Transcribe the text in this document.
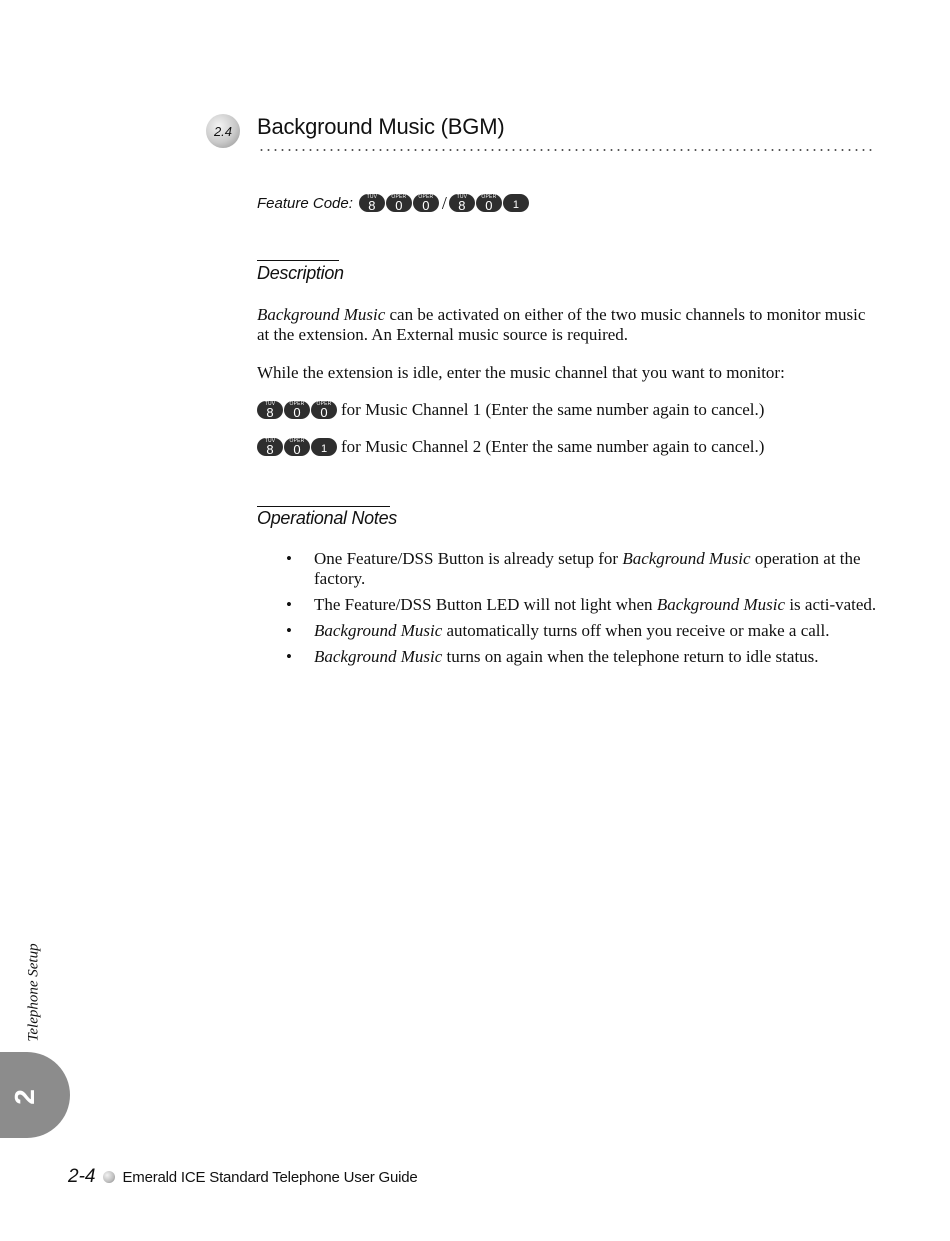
2.4 Background Music (BGM)
Feature Code:	TUV
8
OPER
0
OPER
0 /	TUV
8
OPER
0	1
Description
Background Music can be activated on either of the two music channels to monitor music at the extension. An External music source is required.
While the extension is idle, enter the music channel that you want to monitor:
TUV
8
OPER
0
OPER
0 for Music Channel 1 (Enter the same number again to cancel.)
TUV
8
OPER
0	1 for Music Channel 2 (Enter the same number again to cancel.)
Operational Notes
• One Feature/DSS Button is already setup for Background Music operation at the factory.
• The Feature/DSS Button LED will not light when Background Music is acti-vated.
• Background Music automatically turns off when you receive or make a call.
• Background Music turns on again when the telephone return to idle status.
Telephone Setup
2
2-4 Emerald ICE Standard Telephone User Guide
